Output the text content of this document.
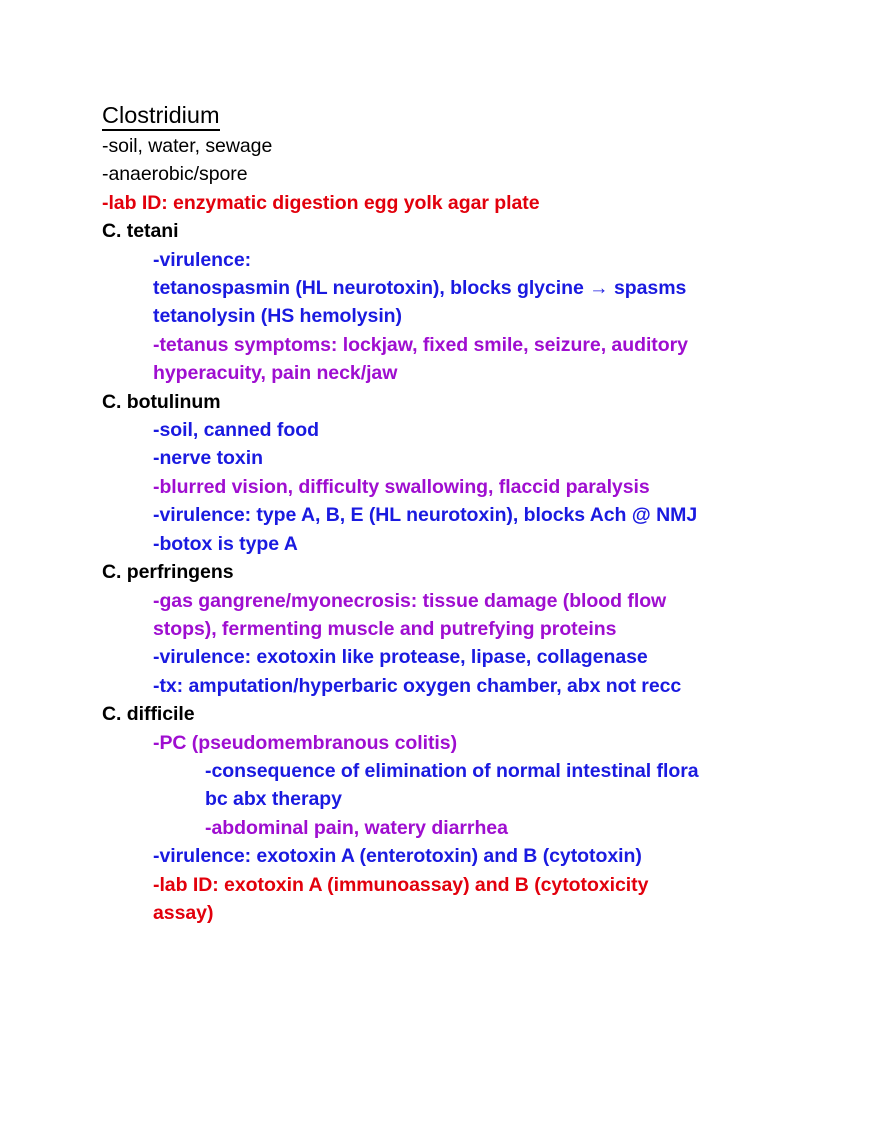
Clostridium
-soil, water, sewage
-anaerobic/spore
-lab ID: enzymatic digestion egg yolk agar plate
C. tetani
-virulence:
tetanospasmin (HL neurotoxin), blocks glycine → spasms
tetanolysin (HS hemolysin)
-tetanus symptoms: lockjaw, fixed smile, seizure, auditory
hyperacuity, pain neck/jaw
C. botulinum
-soil, canned food
-nerve toxin
-blurred vision, difficulty swallowing, flaccid paralysis
-virulence: type A, B, E (HL neurotoxin), blocks Ach @ NMJ
-botox is type A
C. perfringens
-gas gangrene/myonecrosis: tissue damage (blood flow
stops), fermenting muscle and putrefying proteins
-virulence: exotoxin like protease, lipase, collagenase
-tx: amputation/hyperbaric oxygen chamber, abx not recc
C. difficile
-PC (pseudomembranous colitis)
-consequence of elimination of normal intestinal flora
bc abx therapy
-abdominal pain, watery diarrhea
-virulence: exotoxin A (enterotoxin) and B (cytotoxin)
-lab ID: exotoxin A (immunoassay) and B (cytotoxicity
assay)
